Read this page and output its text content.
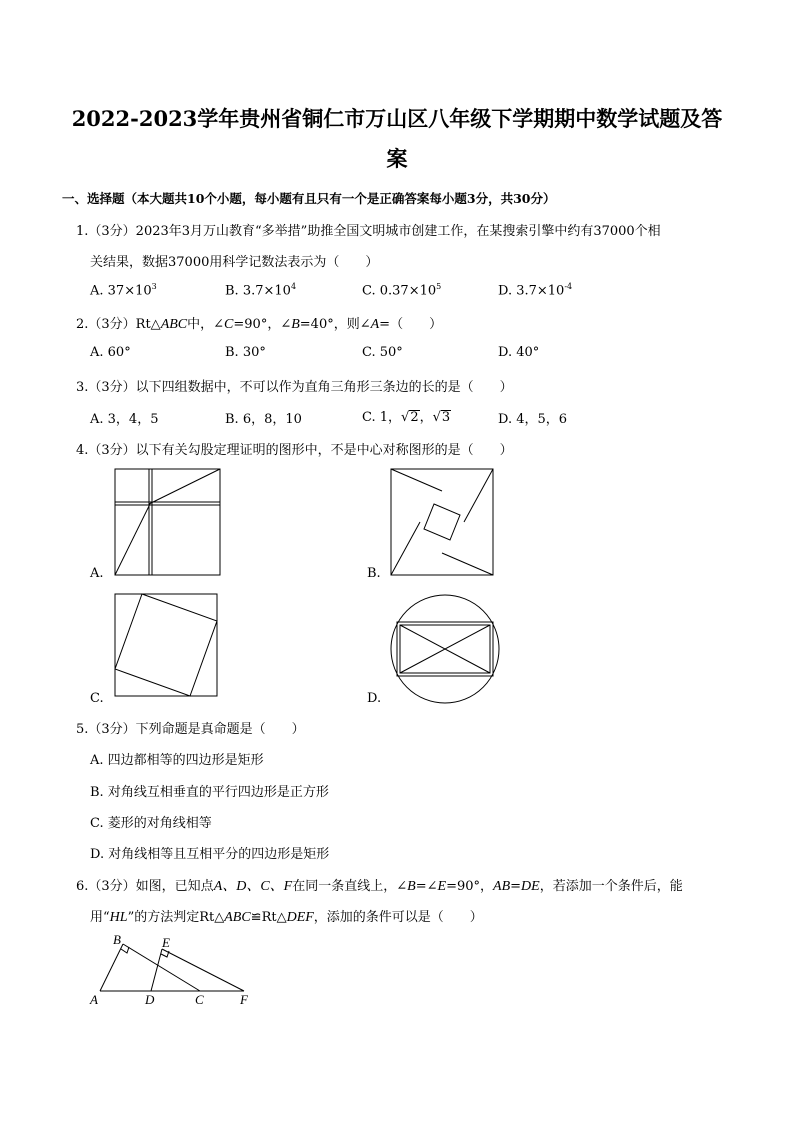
2022-2023学年贵州省铜仁市万山区八年级下学期期中数学试题及答
案
一、选择题（本大题共10个小题，每小题有且只有一个是正确答案每小题3分，共30分）
1.（3分）2023年3月万山教育“多举措”助推全国文明城市创建工作，在某搜索引擎中约有37000个相
关结果，数据37000用科学记数法表示为（　　）
A. $37\times 10^3$	B. $3.7\times 10^4$	C. $0.37\times 10^5$	D. $3.7\times 10^{-4}$
2.（3分）Rt△ABC中，∠C=90°，∠B=40°，则∠A=（　　）
A. 60°	B. 30°	C. 50°	D. 40°
3.（3分）以下四组数据中，不可以作为直角三角形三条边的长的是（　　）
A. 3，4，5	B. 6，8，10	C. 1，√2，√3	D. 4，5，6
4.（3分）以下有关勾股定理证明的图形中，不是中心对称图形的是（　　）
A.	B.
C.	D.
5.（3分）下列命题是真命题是（　　）
A. 四边都相等的四边形是矩形
B. 对角线互相垂直的平行四边形是正方形
C. 菱形的对角线相等
D. 对角线相等且互相平分的四边形是矩形
6.（3分）如图，已知点A、D、C、F在同一条直线上，∠B=∠E=90°，AB=DE，若添加一个条件后，能
用“HL”的方法判定Rt△ABC≌Rt△DEF，添加的条件可以是（　　）
B	E
A	D	C	F
